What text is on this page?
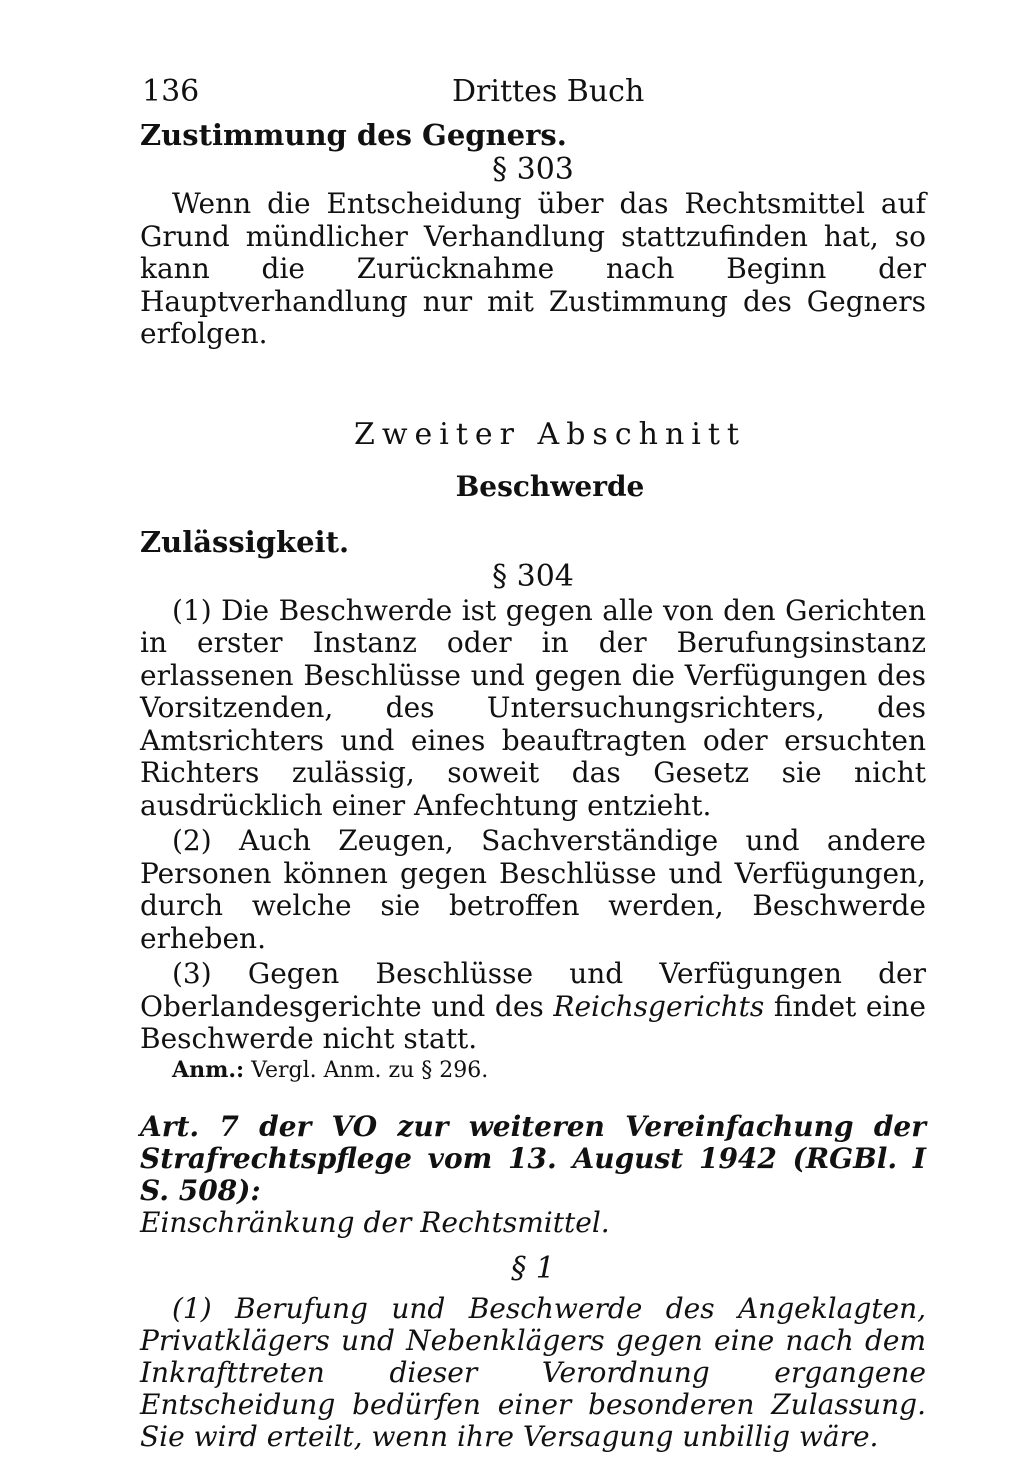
136	Drittes Buch

Zustimmung des Gegners.

§ 303

Wenn die Entscheidung über das Rechtsmittel auf Grund mündlicher Verhandlung stattzufinden hat, so kann die Zurücknahme nach Beginn der Hauptverhandlung nur mit Zustimmung des Gegners erfolgen.

Zweiter Abschnitt

Beschwerde

Zulässigkeit.

§ 304

(1) Die Beschwerde ist gegen alle von den Gerichten in erster Instanz oder in der Berufungsinstanz erlassenen Beschlüsse und gegen die Verfügungen des Vorsitzenden, des Untersuchungsrichters, des Amtsrichters und eines beauftragten oder ersuchten Richters zulässig, soweit das Gesetz sie nicht ausdrücklich einer Anfechtung entzieht.

(2) Auch Zeugen, Sachverständige und andere Personen können gegen Beschlüsse und Verfügungen, durch welche sie betroffen werden, Beschwerde erheben.

(3) Gegen Beschlüsse und Verfügungen der Oberlandesgerichte und des Reichsgerichts findet eine Beschwerde nicht statt.

Anm.: Vergl. Anm. zu § 296.

Art. 7 der VO zur weiteren Vereinfachung der Strafrechtspflege vom 13. August 1942 (RGBl. I S. 508):

Einschränkung der Rechtsmittel.

§ 1

(1) Berufung und Beschwerde des Angeklagten, Privatklägers und Nebenklägers gegen eine nach dem Inkrafttreten dieser Verordnung ergangene Entscheidung bedürfen einer besonderen Zulassung. Sie wird erteilt, wenn ihre Versagung unbillig wäre.
